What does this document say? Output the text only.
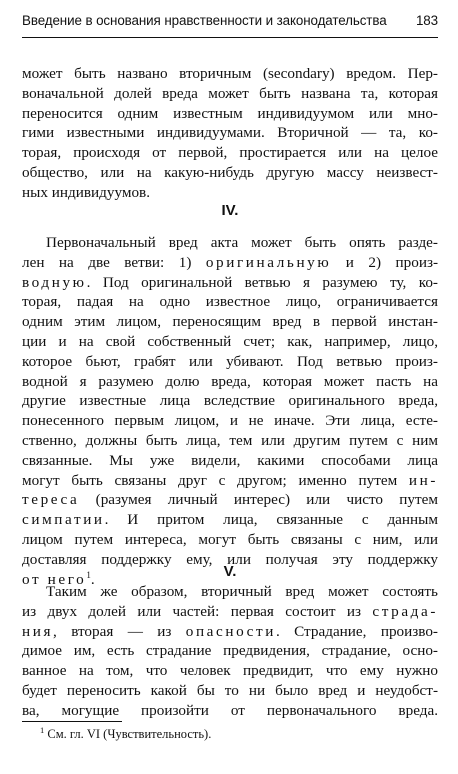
Введение в основания нравственности и законодательства 183
может быть названо вторичным (secondary) вредом. Пер-
воначальной долей вреда может быть названа та, которая
переносится одним известным индивидуумом или мно-
гими известными индивидуумами. Вторичной — та, ко-
торая, происходя от первой, простирается или на целое
общество, или на какую-нибудь другую массу неизвест-
ных индивидуумов.
IV.
Первоначальный вред акта может быть опять разде-
лен на две ветви: 1) оригинальную и 2) произ-
водную. Под оригинальной ветвью я разумею ту, ко-
торая, падая на одно известное лицо, ограничивается
одним этим лицом, переносящим вред в первой инстан-
ции и на свой собственный счет; как, например, лицо,
которое бьют, грабят или убивают. Под ветвью произ-
водной я разумею долю вреда, которая может пасть на
другие известные лица вследствие оригинального вреда,
понесенного первым лицом, и не иначе. Эти лица, есте-
ственно, должны быть лица, тем или другим путем с ним
связанные. Мы уже видели, какими способами лица
могут быть связаны друг с другом; именно путем ин-
тереса (разумея личный интерес) или чисто путем
симпатии. И притом лица, связанные с данным
лицом путем интереса, могут быть связаны с ним, или
доставляя поддержку ему, или получая эту поддержку
от него$^1$.	V.
Таким же образом, вторичный вред может состоять
из двух долей или частей: первая состоит из страда-
ния, вторая — из опасности. Страдание, произво-
димое им, есть страдание предвидения, страдание, осно-
ванное на том, что человек предвидит, что ему нужно
будет переносить какой бы то ни было вред и неудобст-
ва, могущие произойти от первоначального вреда.
$^1$ См. гл. VI (Чувствительность).
